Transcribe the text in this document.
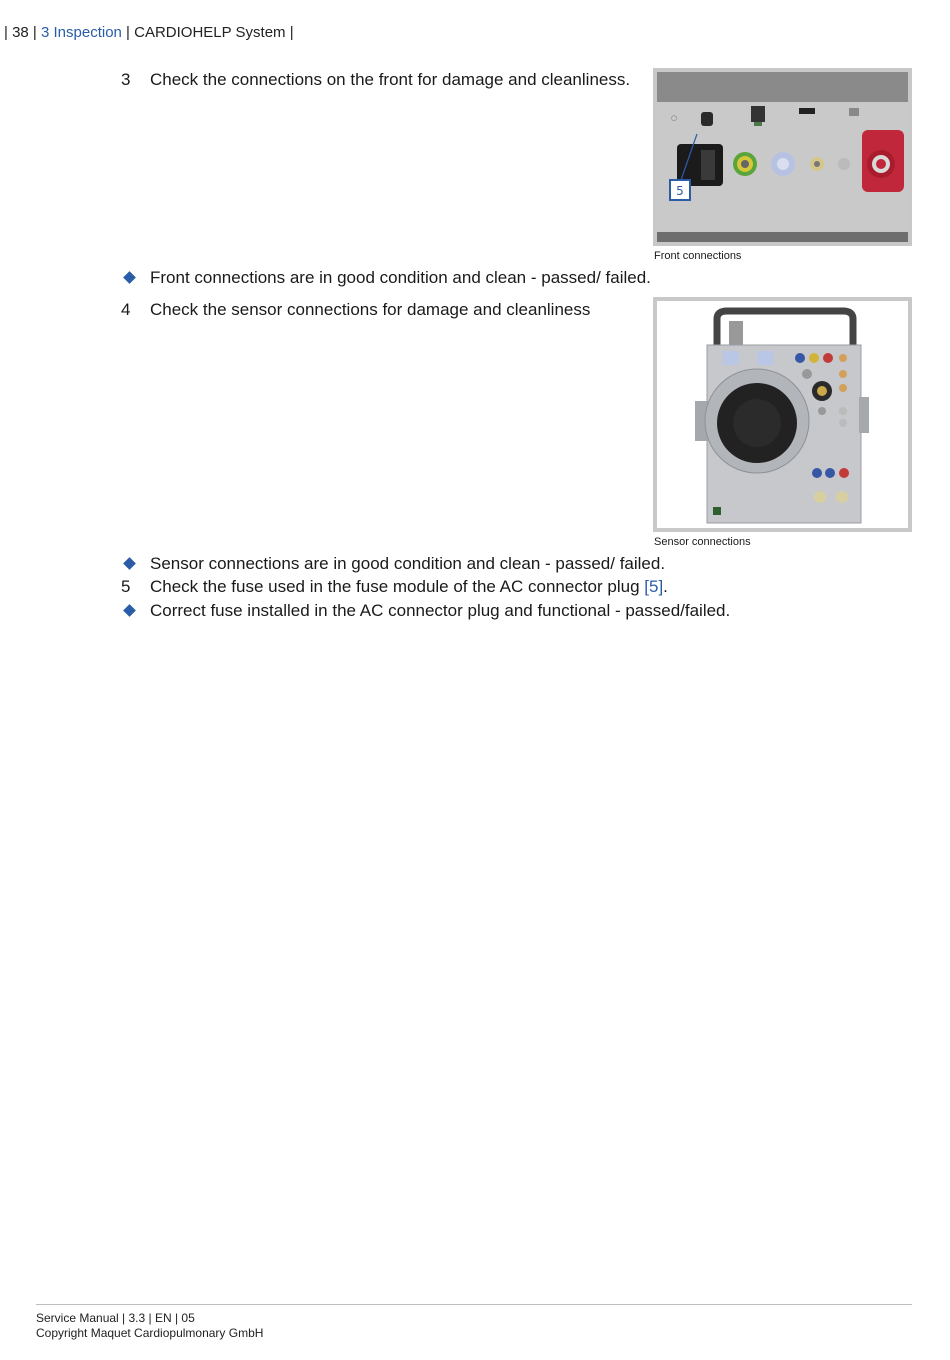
| 38 | 3 Inspection | CARDIOHELP System |
3 Check the connections on the front for damage and cleanliness.
○
5
Front connections
Front connections are in good condition and clean - passed/ failed.
4 Check the sensor connections for damage and cleanliness
Sensor connections
Sensor connections are in good condition and clean - passed/ failed.
5 Check the fuse used in the fuse module of the AC connector plug [5].
Correct fuse installed in the AC connector plug and functional - passed/failed.
Service Manual | 3.3 | EN | 05
Copyright Maquet Cardiopulmonary GmbH
